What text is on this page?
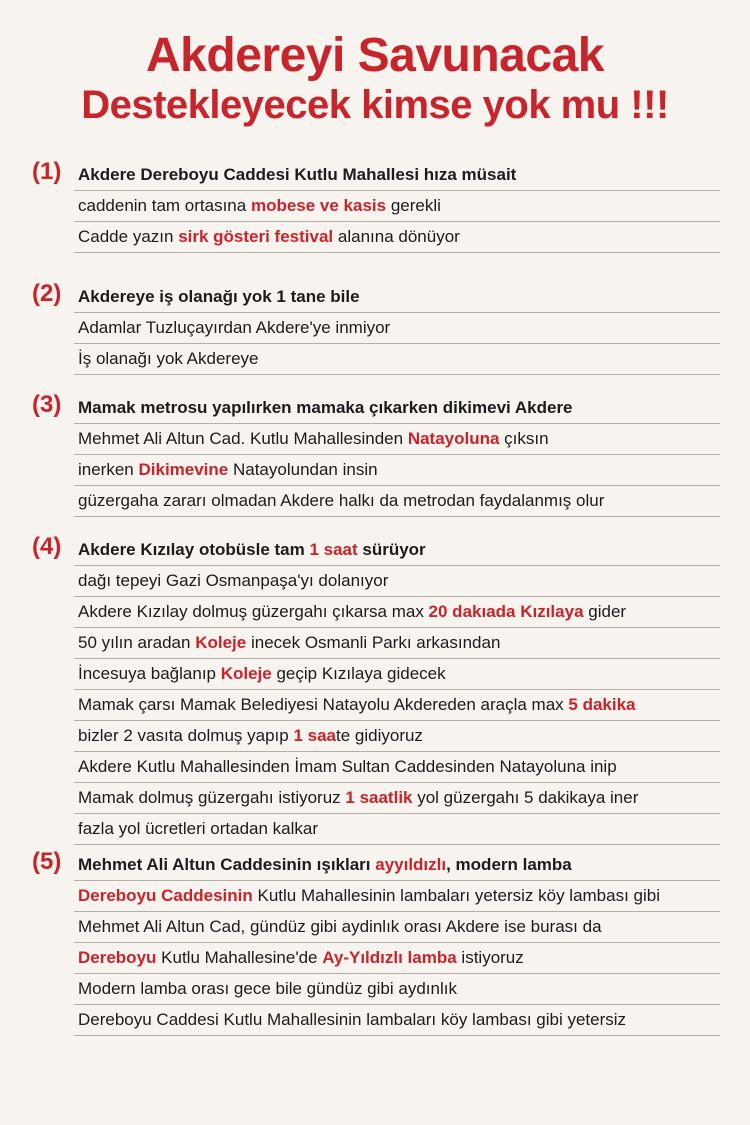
Akdereyi Savunacak
Destekleyecek kimse yok mu !!!
(1) Akdere Dereboyu Caddesi Kutlu Mahallesi hıza müsait
caddenin tam ortasına mobese ve kasis gerekli
Cadde yazın sirk gösteri festival alanına dönüyor
(2) Akdereye iş olanağı yok 1 tane bile
Adamlar Tuzluçayırdan Akdere'ye inmiyor
İş olanağı yok Akdereye
(3) Mamak metrosu yapılırken mamaka çıkarken dikimevi Akdere
Mehmet Ali Altun Cad. Kutlu Mahallesinden Natayoluna çıksın
inerken Dikimevine Natayolundan insin
güzergaha zararı olmadan Akdere halkı da metrodan faydalanmış olur
(4) Akdere Kızılay otobüsle tam 1 saat sürüyor
dağı tepeyi Gazi Osmanpaşa'yı dolanıyor
Akdere Kızılay dolmuş güzergahı çıkarsa max 20 dakıada Kızılaya gider
50 yılın aradan Koleje inecek Osmanli Parkı arkasından
İncesuya bağlanıp Koleje geçip Kızılaya gidecek
Mamak çarsı Mamak Belediyesi Natayolu Akdereden araçla max 5 dakika
bizler 2 vasıta dolmuş yapıp 1 saate gidiyoruz
Akdere Kutlu Mahallesinden İmam Sultan Caddesinden Natayoluna inip
Mamak dolmuş güzergahı istiyoruz 1 saatlik yol güzergahı 5 dakikaya iner
fazla yol ücretleri ortadan kalkar
(5) Mehmet Ali Altun Caddesinin ışıkları ayyıldızlı, modern lamba
Dereboyu Caddesinin Kutlu Mahallesinin lambaları yetersiz köy lambası gibi
Mehmet Ali Altun Cad, gündüz gibi aydinlık orası Akdere ise burası da
Dereboyu Kutlu Mahallesine'de Ay-Yıldızlı lamba istiyoruz
Modern lamba orası gece bile gündüz gibi aydınlık
Dereboyu Caddesi Kutlu Mahallesinin lambaları köy lambası gibi yetersiz
